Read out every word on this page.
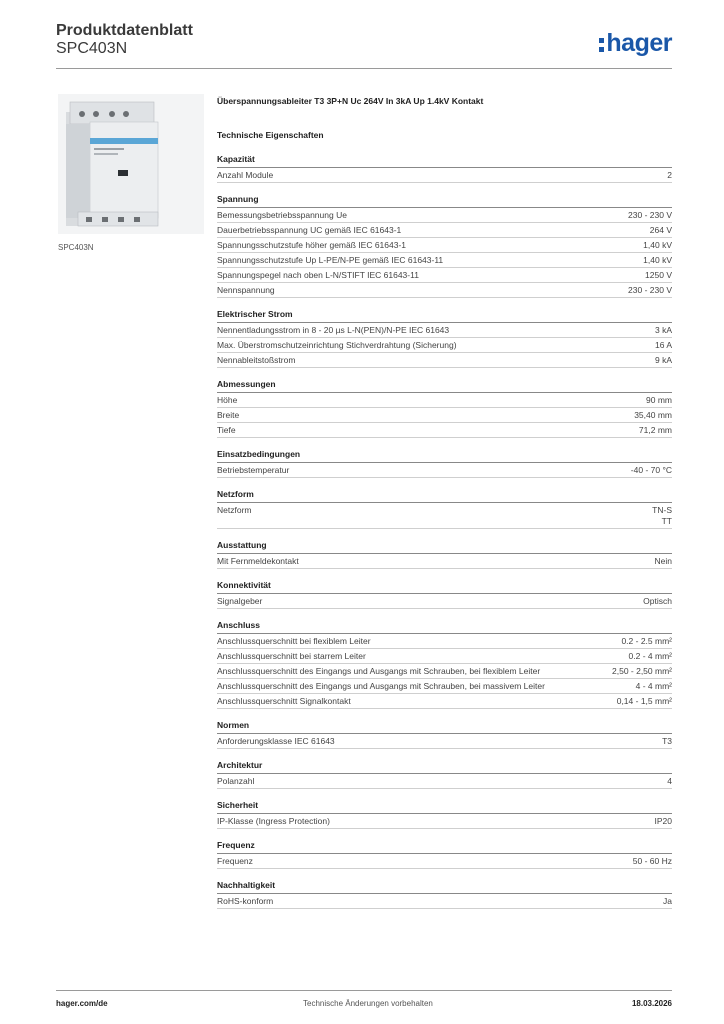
Produktdatenblatt
SPC403N	hager
SPC403N
Überspannungsableiter T3 3P+N Uc 264V In 3kA Up 1.4kV Kontakt
Technische Eigenschaften
Kapazität
Anzahl Module	2
Spannung
Bemessungsbetriebsspannung Ue	230 - 230 V
Dauerbetriebsspannung UC gemäß IEC 61643-1	264 V
Spannungsschutzstufe höher gemäß IEC 61643-1	1,40 kV
Spannungsschutzstufe Up L-PE/N-PE gemäß IEC 61643-11	1,40 kV
Spannungspegel nach oben L-N/STIFT IEC 61643-11	1250 V
Nennspannung	230 - 230 V
Elektrischer Strom
Nennentladungsstrom in 8 - 20 µs L-N(PEN)/N-PE IEC 61643	3 kA
Max. Überstromschutzeinrichtung Stichverdrahtung (Sicherung)	16 A
Nennableitstoßstrom	9 kA
Abmessungen
Höhe	90 mm
Breite	35,40 mm
Tiefe	71,2 mm
Einsatzbedingungen
Betriebstemperatur	-40 - 70 °C
Netzform
Netzform	TN-S
TT
Ausstattung
Mit Fernmeldekontakt	Nein
Konnektivität
Signalgeber	Optisch
Anschluss
Anschlussquerschnitt bei flexiblem Leiter	0.2 - 2.5 mm²
Anschlussquerschnitt bei starrem Leiter	0.2 - 4 mm²
Anschlussquerschnitt des Eingangs und Ausgangs mit Schrauben, bei flexiblem Leiter	2,50 - 2,50 mm²
Anschlussquerschnitt des Eingangs und Ausgangs mit Schrauben, bei massivem Leiter	4 - 4 mm²
Anschlussquerschnitt Signalkontakt	0,14 - 1,5 mm²
Normen
Anforderungsklasse IEC 61643	T3
Architektur
Polanzahl	4
Sicherheit
IP-Klasse (Ingress Protection)	IP20
Frequenz
Frequenz	50 - 60 Hz
Nachhaltigkeit
RoHS-konform	Ja
hager.com/de	Technische Änderungen vorbehalten	18.03.2026
